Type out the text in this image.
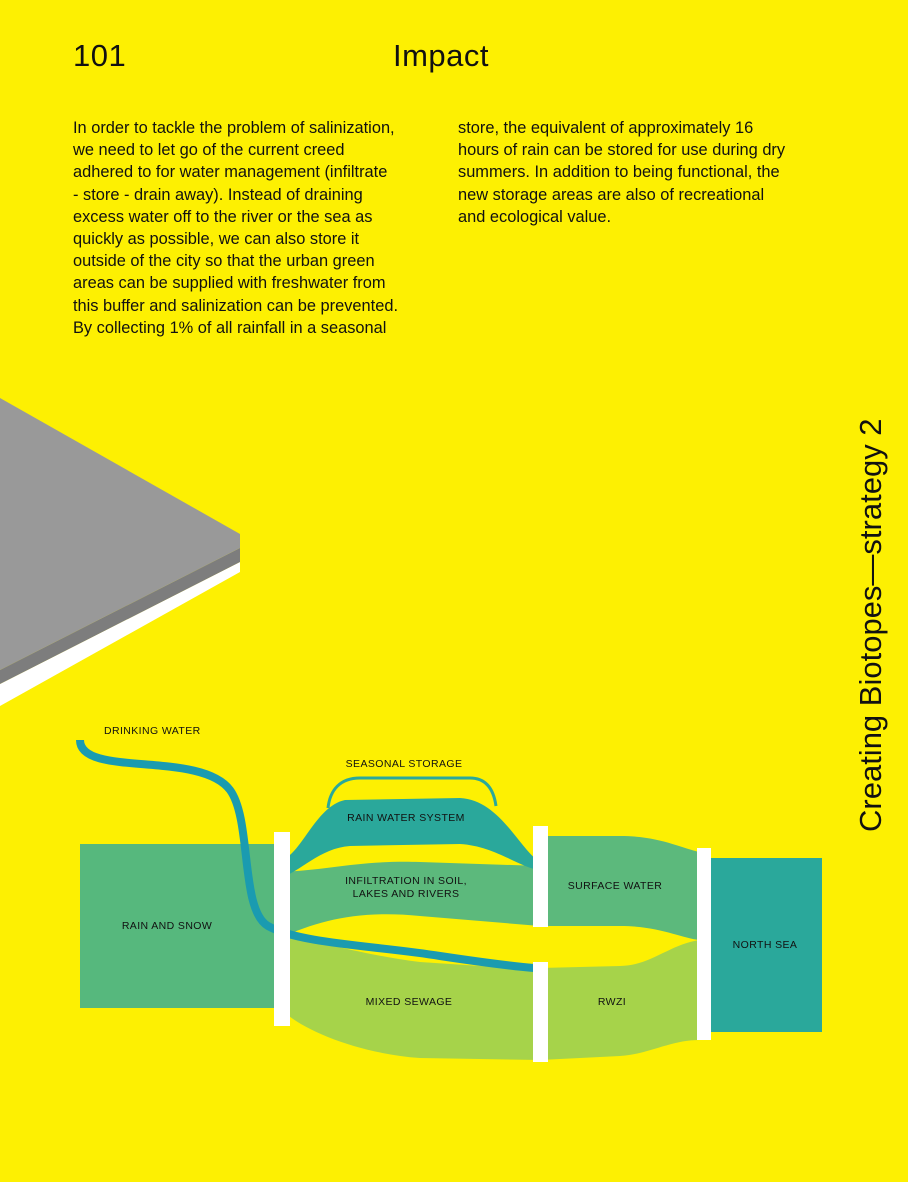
101	Impact
In order to tackle the problem of salinization,
we need to let go of the current creed
adhered to for water management (infiltrate
- store - drain away). Instead of draining
excess water off to the river or the sea as
quickly as possible, we can also store it
outside of the city so that the urban green
areas can be supplied with freshwater from
this buffer and salinization can be prevented.
By collecting 1% of all rainfall in a seasonal
store, the equivalent of approximately 16
hours of rain can be stored for use during dry
summers. In addition to being functional, the
new storage areas are also of recreational
and ecological value.
Creating Biotopes—strategy 2
DRINKING WATER
SEASONAL STORAGE
RAIN WATER SYSTEM
INFILTRATION IN SOIL,
LAKES AND RIVERS
SURFACE WATER
RAIN AND SNOW
MIXED SEWAGE	RWZI
NORTH SEA
